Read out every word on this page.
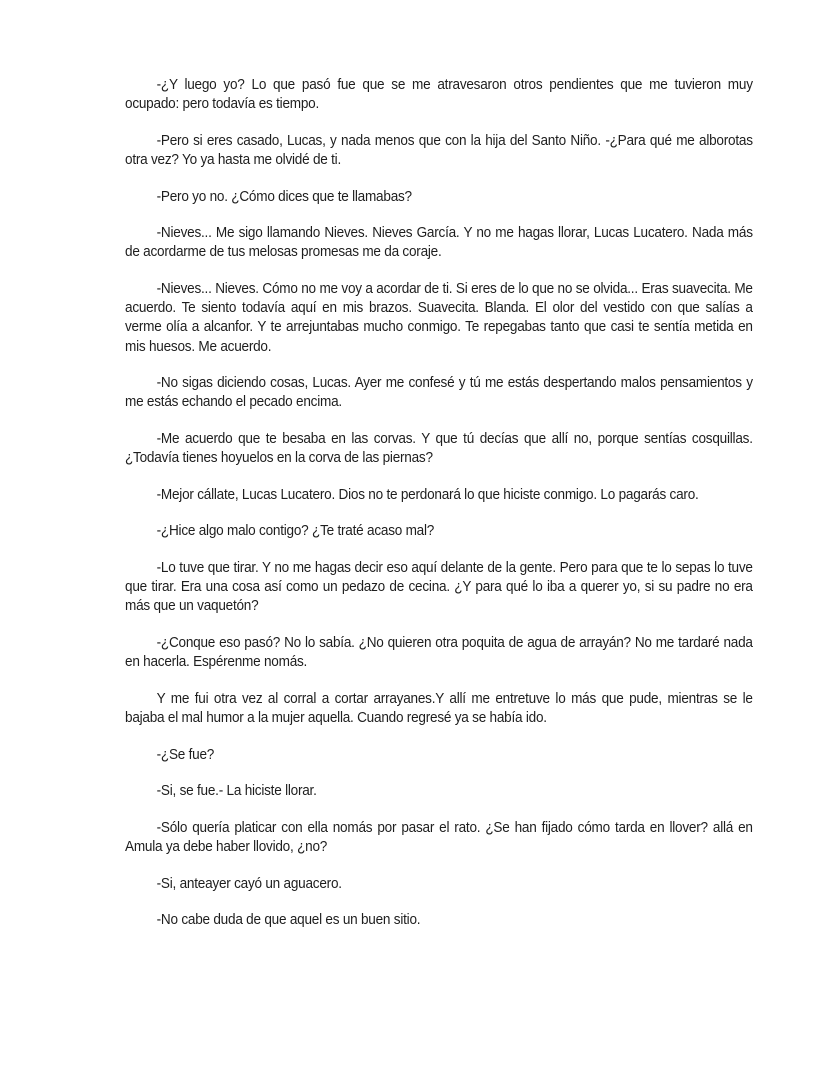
-¿Y luego yo? Lo que pasó fue que se me atravesaron otros pendientes que me tuvieron muy ocupado: pero todavía es tiempo.

-Pero si eres casado, Lucas, y nada menos que con la hija del Santo Niño. -¿Para qué me alborotas otra vez? Yo ya hasta me olvidé de ti.

-Pero yo no. ¿Cómo dices que te llamabas?

-Nieves... Me sigo llamando Nieves. Nieves García. Y no me hagas llorar, Lucas Lucatero. Nada más de acordarme de tus melosas promesas me da coraje.

-Nieves... Nieves. Cómo no me voy a acordar de ti. Si eres de lo que no se olvida... Eras suavecita. Me acuerdo. Te siento todavía aquí en mis brazos. Suavecita. Blanda. El olor del vestido con que salías a verme olía a alcanfor. Y te arrejuntabas mucho conmigo. Te repegabas tanto que casi te sentía metida en mis huesos. Me acuerdo.

-No sigas diciendo cosas, Lucas. Ayer me confesé y tú me estás despertando malos pensamientos y me estás echando el pecado encima.

-Me acuerdo que te besaba en las corvas. Y que tú decías que allí no, porque sentías cosquillas. ¿Todavía tienes hoyuelos en la corva de las piernas?

-Mejor cállate, Lucas Lucatero. Dios no te perdonará lo que hiciste conmigo. Lo pagarás caro.

-¿Hice algo malo contigo? ¿Te traté acaso mal?

-Lo tuve que tirar. Y no me hagas decir eso aquí delante de la gente. Pero para que te lo sepas lo tuve que tirar. Era una cosa así como un pedazo de cecina. ¿Y para qué lo iba a querer yo, si su padre no era más que un vaquetón?

-¿Conque eso pasó? No lo sabía. ¿No quieren otra poquita de agua de arrayán? No me tardaré nada en hacerla. Espérenme nomás.

Y me fui otra vez al corral a cortar arrayanes.Y allí me entretuve lo más que pude, mientras se le bajaba el mal humor a la mujer aquella. Cuando regresé ya se había ido.

-¿Se fue?

-Si, se fue.- La hiciste llorar.

-Sólo quería platicar con ella nomás por pasar el rato. ¿Se han fijado cómo tarda en llover? allá en Amula ya debe haber llovido, ¿no?

-Si, anteayer cayó un aguacero.

-No cabe duda de que aquel es un buen sitio.
